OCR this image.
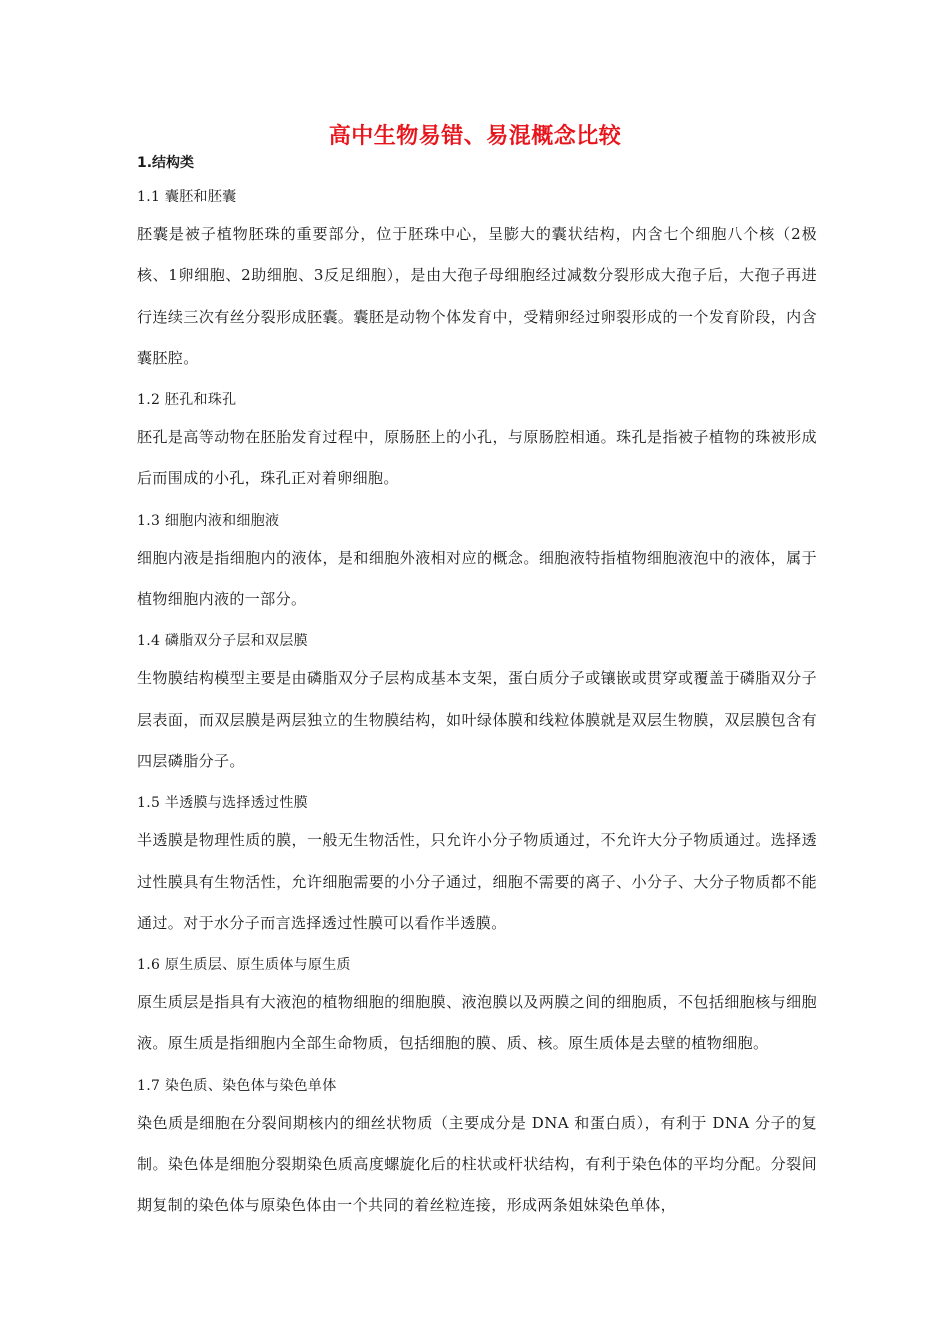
高中生物易错、易混概念比较
1.结构类
1.1 囊胚和胚囊

胚囊是被子植物胚珠的重要部分，位于胚珠中心，呈膨大的囊状结构，内含七个细胞八个核（2极核、1卵细胞、2助细胞、3反足细胞），是由大孢子母细胞经过减数分裂形成大孢子后，大孢子再进行连续三次有丝分裂形成胚囊。囊胚是动物个体发育中，受精卵经过卵裂形成的一个发育阶段，内含囊胚腔。

1.2 胚孔和珠孔

胚孔是高等动物在胚胎发育过程中，原肠胚上的小孔，与原肠腔相通。珠孔是指被子植物的珠被形成后而围成的小孔，珠孔正对着卵细胞。

1.3 细胞内液和细胞液

细胞内液是指细胞内的液体，是和细胞外液相对应的概念。细胞液特指植物细胞液泡中的液体，属于植物细胞内液的一部分。

1.4 磷脂双分子层和双层膜

生物膜结构模型主要是由磷脂双分子层构成基本支架，蛋白质分子或镶嵌或贯穿或覆盖于磷脂双分子层表面，而双层膜是两层独立的生物膜结构，如叶绿体膜和线粒体膜就是双层生物膜，双层膜包含有四层磷脂分子。

1.5 半透膜与选择透过性膜

半透膜是物理性质的膜，一般无生物活性，只允许小分子物质通过，不允许大分子物质通过。选择透过性膜具有生物活性，允许细胞需要的小分子通过，细胞不需要的离子、小分子、大分子物质都不能通过。对于水分子而言选择透过性膜可以看作半透膜。

1.6 原生质层、原生质体与原生质

原生质层是指具有大液泡的植物细胞的细胞膜、液泡膜以及两膜之间的细胞质，不包括细胞核与细胞液。原生质是指细胞内全部生命物质，包括细胞的膜、质、核。原生质体是去壁的植物细胞。

1.7 染色质、染色体与染色单体

染色质是细胞在分裂间期核内的细丝状物质（主要成分是 DNA 和蛋白质），有利于 DNA 分子的复制。染色体是细胞分裂期染色质高度螺旋化后的柱状或杆状结构，有利于染色体的平均分配。分裂间期复制的染色体与原染色体由一个共同的着丝粒连接，形成两条姐妹染色单体，
